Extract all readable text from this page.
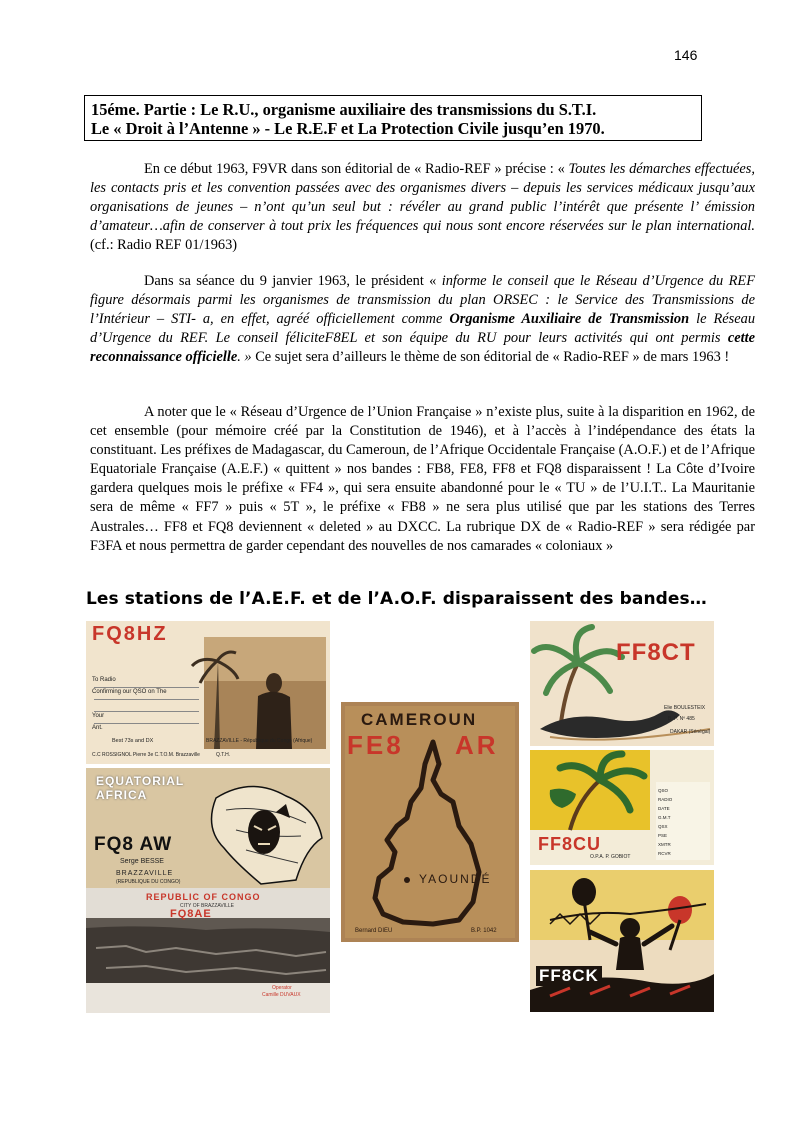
146
15éme. Partie : Le R.U., organisme auxiliaire des transmissions du S.T.I.
Le « Droit à l’Antenne » - Le R.E.F et La Protection Civile jusqu’en 1970.
En ce début 1963, F9VR dans son éditorial de « Radio-REF » précise : « Toutes les démarches effectuées, les contacts pris et les convention passées avec des organismes divers – depuis les services médicaux jusqu’aux organisations de jeunes – n’ont qu’un seul but : révéler au grand public l’intérêt que présente l’ émission d’amateur…afin de conserver à tout prix les fréquences qui nous sont encore réservées sur le plan international. (cf.: Radio REF 01/1963)
Dans sa séance du 9 janvier 1963, le président « informe le conseil que le Réseau d’Urgence du REF figure désormais parmi les organismes de transmission du plan ORSEC : le Service des Transmissions de l’Intérieur – STI- a, en effet, agréé officiellement comme Organisme Auxiliaire de Transmission le Réseau d’Urgence du REF. Le conseil féliciteF8EL et son équipe du RU pour leurs activités qui ont permis cette reconnaissance officielle. » Ce sujet sera d’ailleurs le thème de son éditorial de « Radio-REF » de mars 1963 !
A noter que le « Réseau d’Urgence de l’Union Française » n’existe plus, suite à la disparition en 1962, de cet ensemble (pour mémoire créé par la Constitution de 1946), et à l’accès à l’indépendance des états la constituant. Les préfixes de Madagascar, du Cameroun, de l’Afrique Occidentale Française (A.O.F.) et de l’Afrique Equatoriale Française (A.E.F.) « quittent » nos bandes : FB8, FE8, FF8 et FQ8 disparaissent ! La Côte d’Ivoire gardera quelques mois le préfixe « FF4 », qui sera ensuite abandonné pour le « TU » de l’U.I.T.. La Mauritanie sera de même « FF7 » puis « 5T », le préfixe « FB8 » ne sera plus utilisé que par les stations des Terres Australes… FF8 et FQ8 deviennent « deleted » au DXCC. La rubrique DX de « Radio-REF » sera rédigée par F3FA et nous permettra de garder cependant des nouvelles de nos camarades « coloniaux »
Les stations de l’A.E.F. et de l’A.O.F. disparaissent des bandes…
FQ8HZ
To Radio
Confirming our QSO on The
Your
Ant.
Best 73s and DX
C.C ROSSIGNOL Pierre 3e C.T.O.M. Brazzaville
BRAZZAVILLE - République du Congo (Afrique)
Q.T.H.
EQUATORIAL AFRICA
FQ8 AW
Serge BESSE
BRAZZAVILLE
(REPUBLIQUE DU CONGO)
REPUBLIC OF CONGO
CITY OF BRAZZAVILLE
FQ8AE
Operator
Camille DUVAUX
CAMEROUN
FE8 AR
YAOUNDÉ
Bernard DIEU	B.P. 1042
FF8CT
Elie BOULESTEIX
B. P. Nº 485
DAKAR (Sénégal)
FF8CU
O.P.A. P. GOBIOT
QSO
RADIO
DATE
G.M.T
QSX
PSE
XMTR
RCVR
FF8CK
